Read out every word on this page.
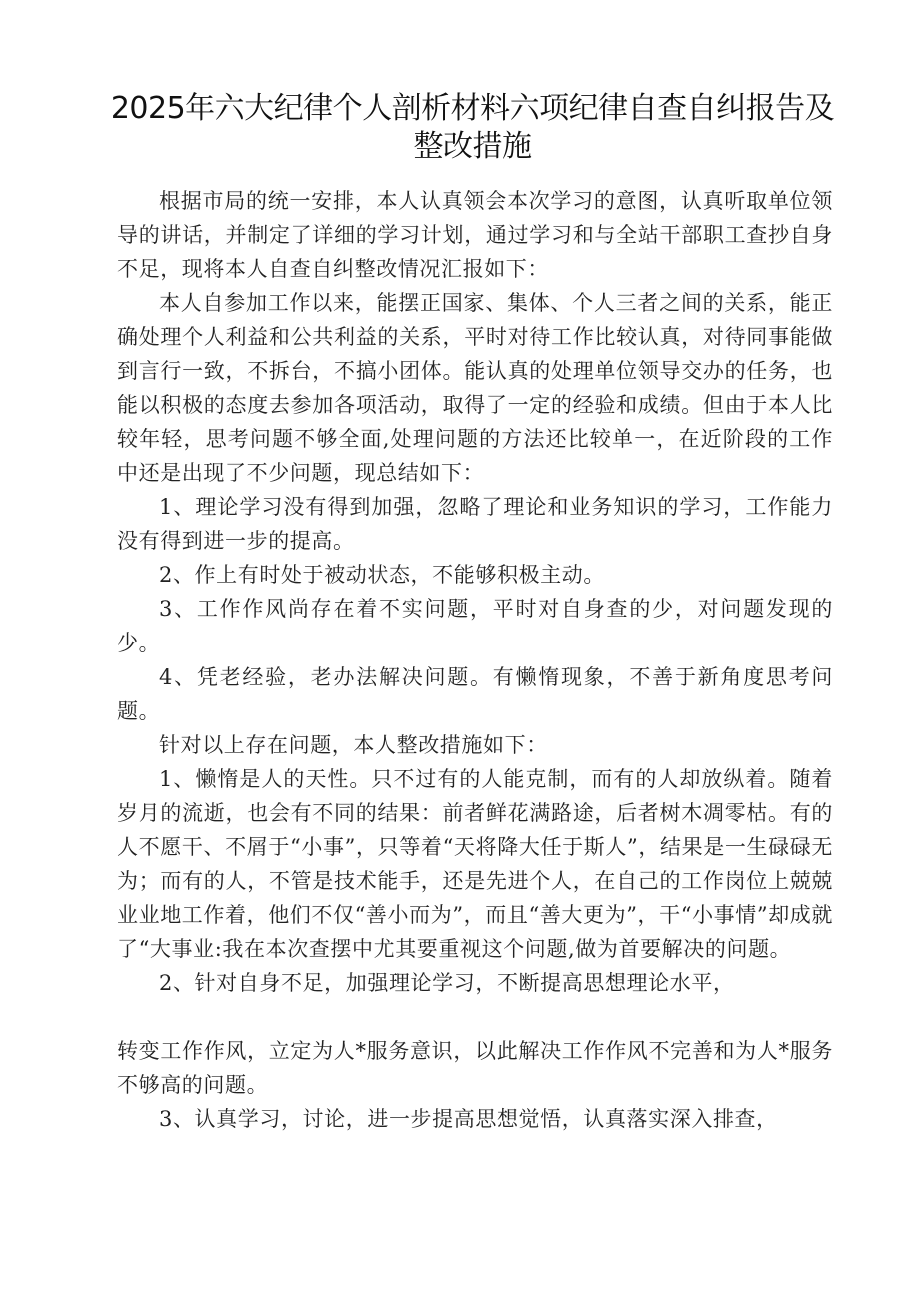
2025年六大纪律个人剖析材料六项纪律自查自纠报告及整改措施

根据市局的统一安排，本人认真领会本次学习的意图，认真听取单位领导的讲话，并制定了详细的学习计划，通过学习和与全站干部职工查抄自身不足，现将本人自查自纠整改情况汇报如下：

本人自参加工作以来，能摆正国家、集体、个人三者之间的关系，能正确处理个人利益和公共利益的关系，平时对待工作比较认真，对待同事能做到言行一致，不拆台，不搞小团体。能认真的处理单位领导交办的任务，也能以积极的态度去参加各项活动，取得了一定的经验和成绩。但由于本人比较年轻，思考问题不够全面,处理问题的方法还比较单一，在近阶段的工作中还是出现了不少问题，现总结如下：

1、理论学习没有得到加强，忽略了理论和业务知识的学习，工作能力没有得到进一步的提高。

2、作上有时处于被动状态，不能够积极主动。

3、工作作风尚存在着不实问题，平时对自身查的少，对问题发现的少。

4、凭老经验，老办法解决问题。有懒惰现象，不善于新角度思考问题。

针对以上存在问题，本人整改措施如下：

1、懒惰是人的天性。只不过有的人能克制，而有的人却放纵着。随着岁月的流逝，也会有不同的结果：前者鲜花满路途，后者树木凋零枯。有的人不愿干、不屑于“小事”，只等着“天将降大任于斯人”，结果是一生碌碌无为；而有的人，不管是技术能手，还是先进个人，在自己的工作岗位上兢兢业业地工作着，他们不仅“善小而为”，而且“善大更为”，干“小事情”却成就了“大事业:我在本次查摆中尤其要重视这个问题,做为首要解决的问题。

2、针对自身不足，加强理论学习，不断提高思想理论水平，

转变工作作风，立定为人*服务意识，以此解决工作作风不完善和为人*服务不够高的问题。

3、认真学习，讨论，进一步提高思想觉悟，认真落实深入排查，
